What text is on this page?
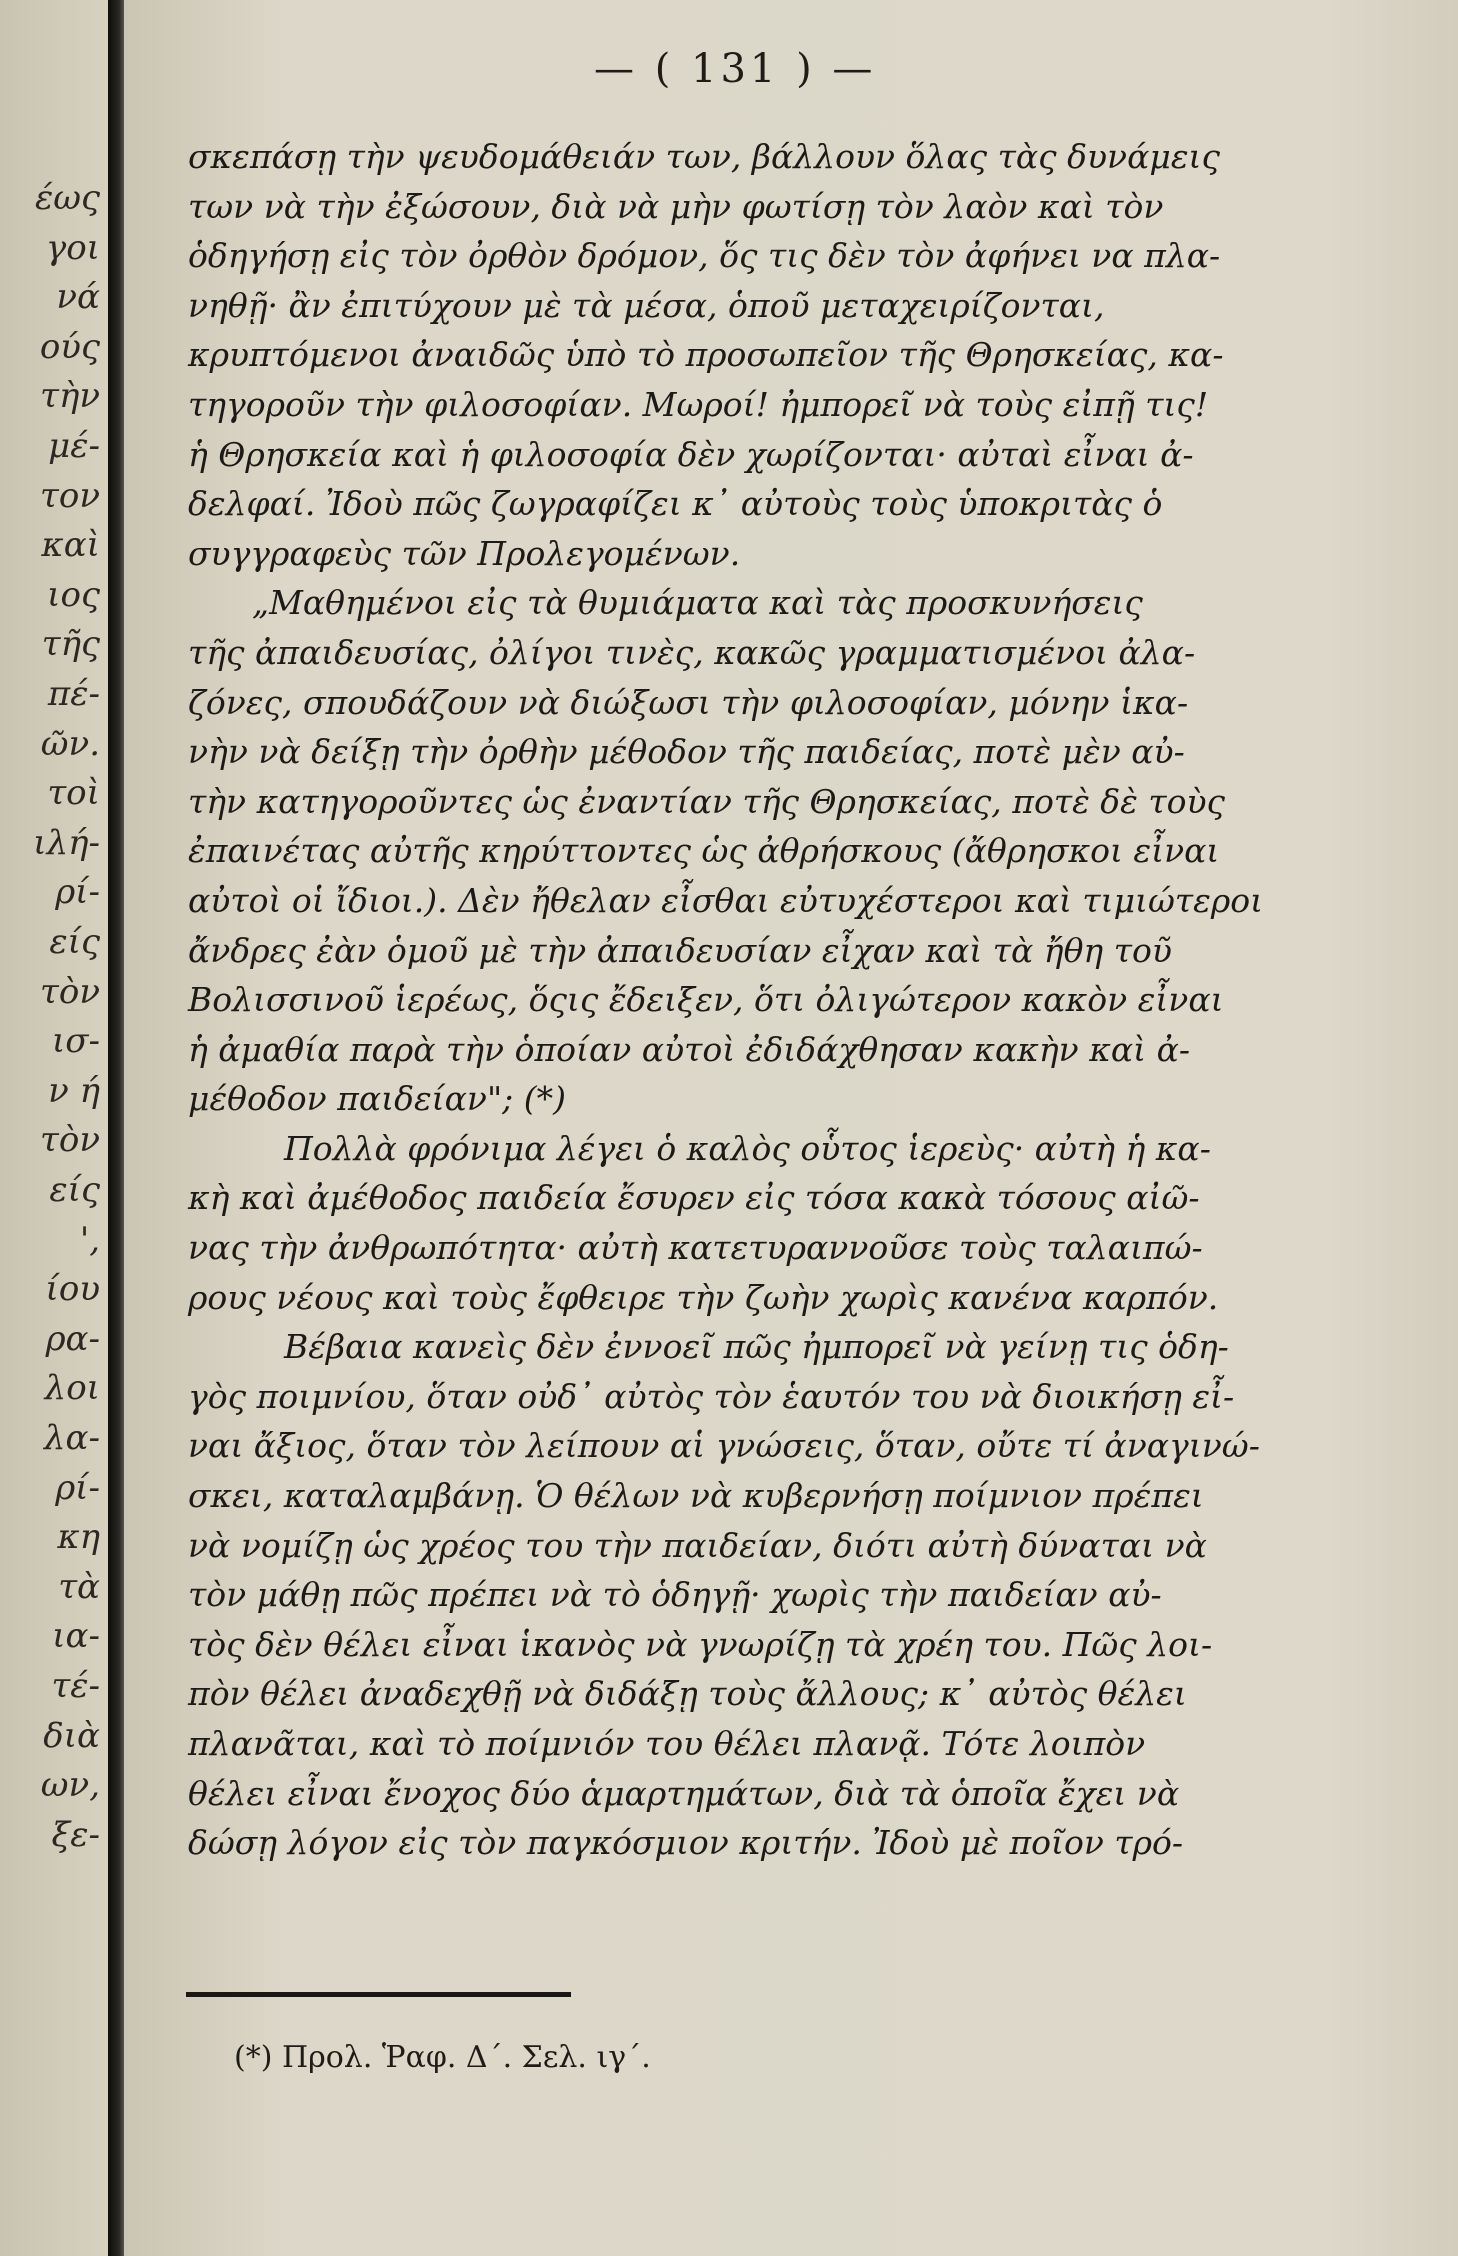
έως
γοι
νά
ούς
τὴν
μέ-
τον
καὶ
ιος
τῆς
πέ-
ῶν.
τοὶ
ιλή-
ρί-
είς
τὸν
ισ-
ν ή
τὸν
είς
',
ίου
ρα-
λοι
λα-
ρί-
κη
τὰ
ια-
τέ-
διὰ
ων,
ξε-
— ( 131 ) —
σκεπάσῃ τὴν ψευδομάθειάν των, βάλλουν ὅλας τὰς δυνάμεις
των νὰ τὴν ἐξώσουν, διὰ νὰ μὴν φωτίσῃ τὸν λαὸν καὶ τὸν
ὁδηγήσῃ εἰς τὸν ὀρθὸν δρόμον, ὅς τις δὲν τὸν ἀφήνει να πλα-
νηθῇ· ἂν ἐπιτύχουν μὲ τὰ μέσα, ὁποῦ μεταχειρίζονται,
κρυπτόμενοι ἀναιδῶς ὑπὸ τὸ προσωπεῖον τῆς Θρησκείας, κα-
τηγοροῦν τὴν φιλοσοφίαν. Μωροί! ἠμπορεῖ νὰ τοὺς εἰπῇ τις!
ἡ Θρησκεία καὶ ἡ φιλοσοφία δὲν χωρίζονται· αὐταὶ εἶναι ἀ-
δελφαί. Ἰδοὺ πῶς ζωγραφίζει κ᾽ αὐτοὺς τοὺς ὑποκριτὰς ὁ
συγγραφεὺς τῶν Προλεγομένων.
„Μαθημένοι εἰς τὰ θυμιάματα καὶ τὰς προσκυνήσεις
τῆς ἀπαιδευσίας, ὀλίγοι τινὲς, κακῶς γραμματισμένοι ἀλα-
ζόνες, σπουδάζουν νὰ διώξωσι τὴν φιλοσοφίαν, μόνην ἱκα-
νὴν νὰ δείξῃ τὴν ὀρθὴν μέθοδον τῆς παιδείας, ποτὲ μὲν αὐ-
τὴν κατηγοροῦντες ὡς ἐναντίαν τῆς Θρησκείας, ποτὲ δὲ τοὺς
ἐπαινέτας αὐτῆς κηρύττοντες ὡς ἀθρήσκους (ἄθρησκοι εἶναι
αὐτοὶ οἱ ἴδιοι.). Δὲν ἤθελαν εἶσθαι εὐτυχέστεροι καὶ τιμιώτεροι
ἄνδρες ἐὰν ὁμοῦ μὲ τὴν ἀπαιδευσίαν εἶχαν καὶ τὰ ἤθη τοῦ
Βολισσινοῦ ἱερέως, ὅςις ἔδειξεν, ὅτι ὀλιγώτερον κακὸν εἶναι
ἡ ἀμαθία παρὰ τὴν ὁποίαν αὐτοὶ ἐδιδάχθησαν κακὴν καὶ ἀ-
μέθοδον παιδείαν"; (*)
Πολλὰ φρόνιμα λέγει ὁ καλὸς οὗτος ἱερεὺς· αὐτὴ ἡ κα-
κὴ καὶ ἀμέθοδος παιδεία ἔσυρεν εἰς τόσα κακὰ τόσους αἰῶ-
νας τὴν ἀνθρωπότητα· αὐτὴ κατετυραννοῦσε τοὺς ταλαιπώ-
ρους νέους καὶ τοὺς ἔφθειρε τὴν ζωὴν χωρὶς κανένα καρπόν.
Βέβαια κανεὶς δὲν ἐννοεῖ πῶς ἠμπορεῖ νὰ γείνῃ τις ὁδη-
γὸς ποιμνίου, ὅταν οὐδ᾽ αὐτὸς τὸν ἑαυτόν του νὰ διοικήσῃ εἶ-
ναι ἄξιος, ὅταν τὸν λείπουν αἱ γνώσεις, ὅταν, οὔτε τί ἀναγινώ-
σκει, καταλαμβάνῃ. Ὁ θέλων νὰ κυβερνήσῃ ποίμνιον πρέπει
νὰ νομίζῃ ὡς χρέος του τὴν παιδείαν, διότι αὐτὴ δύναται νὰ
τὸν μάθῃ πῶς πρέπει νὰ τὸ ὁδηγῇ· χωρὶς τὴν παιδείαν αὐ-
τὸς δὲν θέλει εἶναι ἱκανὸς νὰ γνωρίζῃ τὰ χρέη του. Πῶς λοι-
πὸν θέλει ἀναδεχθῇ νὰ διδάξῃ τοὺς ἄλλους; κ᾽ αὐτὸς θέλει
πλανᾶται, καὶ τὸ ποίμνιόν του θέλει πλανᾷ. Τότε λοιπὸν
θέλει εἶναι ἔνοχος δύο ἁμαρτημάτων, διὰ τὰ ὁποῖα ἔχει νὰ
δώσῃ λόγον εἰς τὸν παγκόσμιον κριτήν. Ἰδοὺ μὲ ποῖον τρό-
(*) Προλ. Ῥαφ. Δ΄. Σελ. ιγ΄.
